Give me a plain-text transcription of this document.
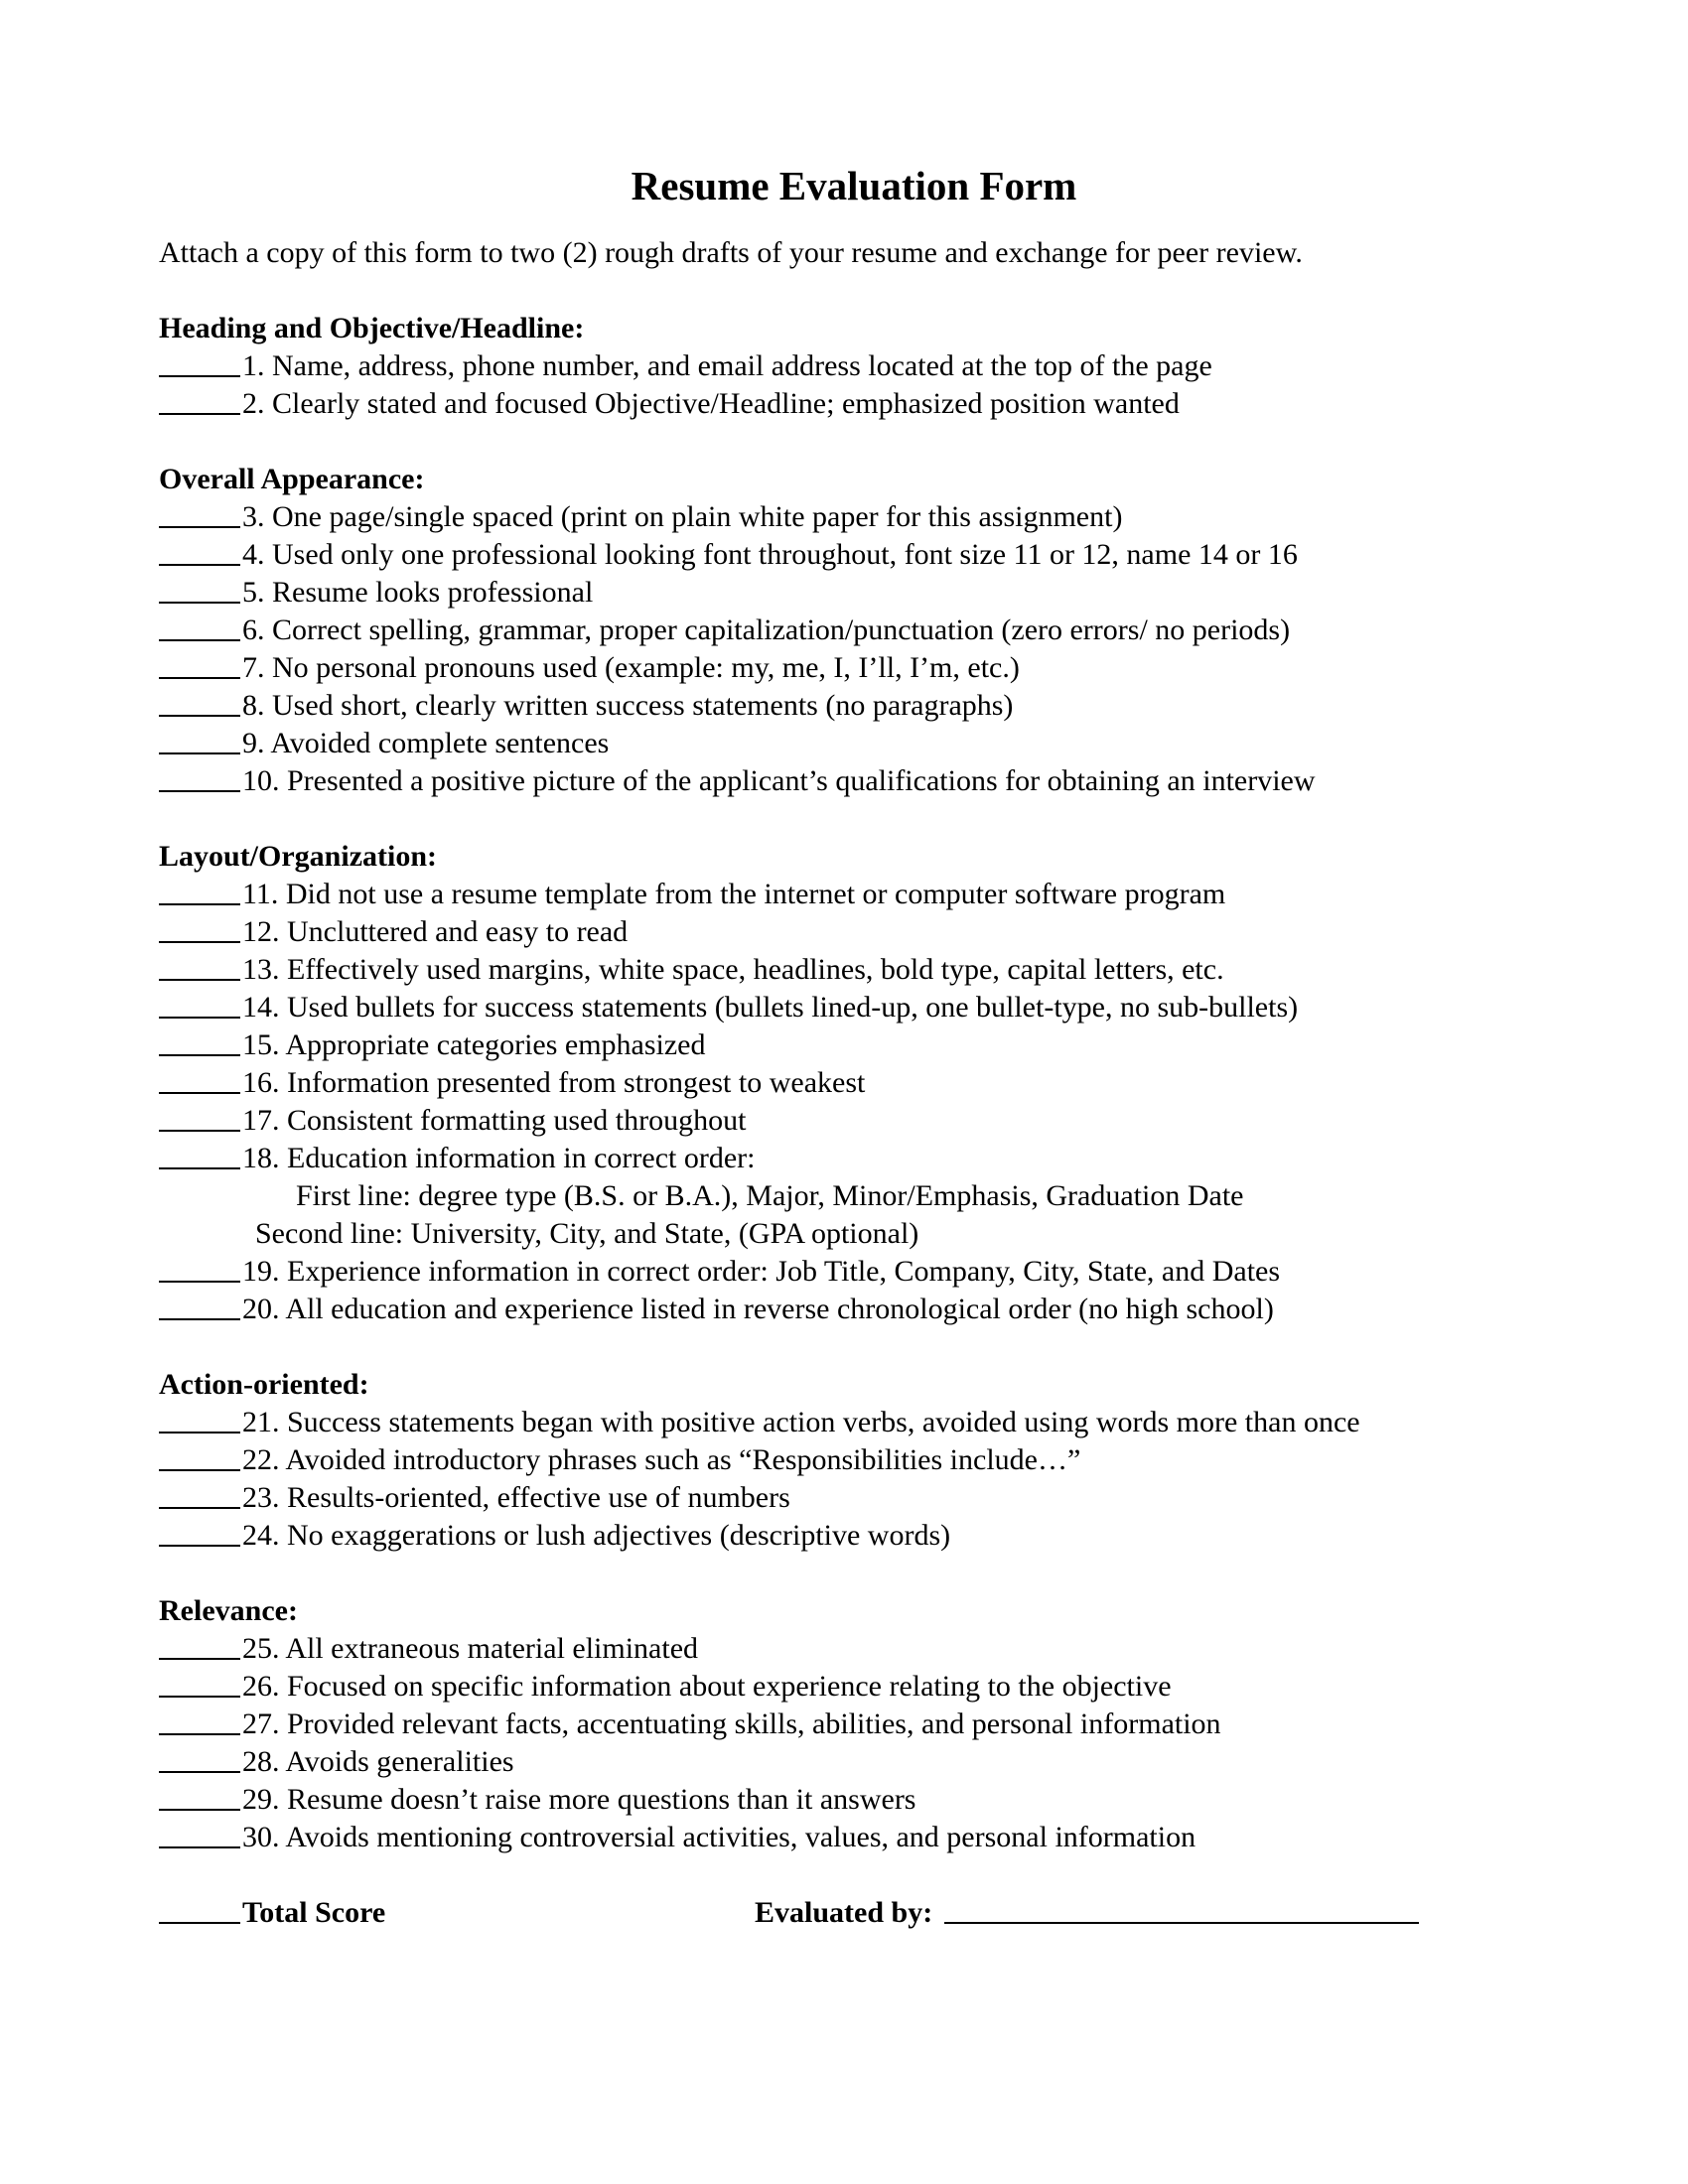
Resume Evaluation Form
Attach a copy of this form to two (2) rough drafts of your resume and exchange for peer review.
Heading and Objective/Headline:
1. Name, address, phone number, and email address located at the top of the page
2. Clearly stated and focused Objective/Headline; emphasized position wanted
Overall Appearance:
3. One page/single spaced (print on plain white paper for this assignment)
4. Used only one professional looking font throughout, font size 11 or 12, name 14 or 16
5. Resume looks professional
6. Correct spelling, grammar, proper capitalization/punctuation (zero errors/ no periods)
7. No personal pronouns used (example: my, me, I, I’ll, I’m, etc.)
8. Used short, clearly written success statements (no paragraphs)
9. Avoided complete sentences
10. Presented a positive picture of the applicant’s qualifications for obtaining an interview
Layout/Organization:
11. Did not use a resume template from the internet or computer software program
12. Uncluttered and easy to read
13. Effectively used margins, white space, headlines, bold type, capital letters, etc.
14. Used bullets for success statements (bullets lined-up, one bullet-type, no sub-bullets)
15. Appropriate categories emphasized
16. Information presented from strongest to weakest
17. Consistent formatting used throughout
18. Education information in correct order:
First line: degree type (B.S. or B.A.), Major, Minor/Emphasis, Graduation Date
Second line: University, City, and State, (GPA optional)
19. Experience information in correct order: Job Title, Company, City, State, and Dates
20. All education and experience listed in reverse chronological order (no high school)
Action-oriented:
21. Success statements began with positive action verbs, avoided using words more than once
22. Avoided introductory phrases such as “Responsibilities include…”
23. Results-oriented, effective use of numbers
24. No exaggerations or lush adjectives (descriptive words)
Relevance:
25. All extraneous material eliminated
26. Focused on specific information about experience relating to the objective
27. Provided relevant facts, accentuating skills, abilities, and personal information
28. Avoids generalities
29. Resume doesn’t raise more questions than it answers
30. Avoids mentioning controversial activities, values, and personal information
Total Score	Evaluated by:
